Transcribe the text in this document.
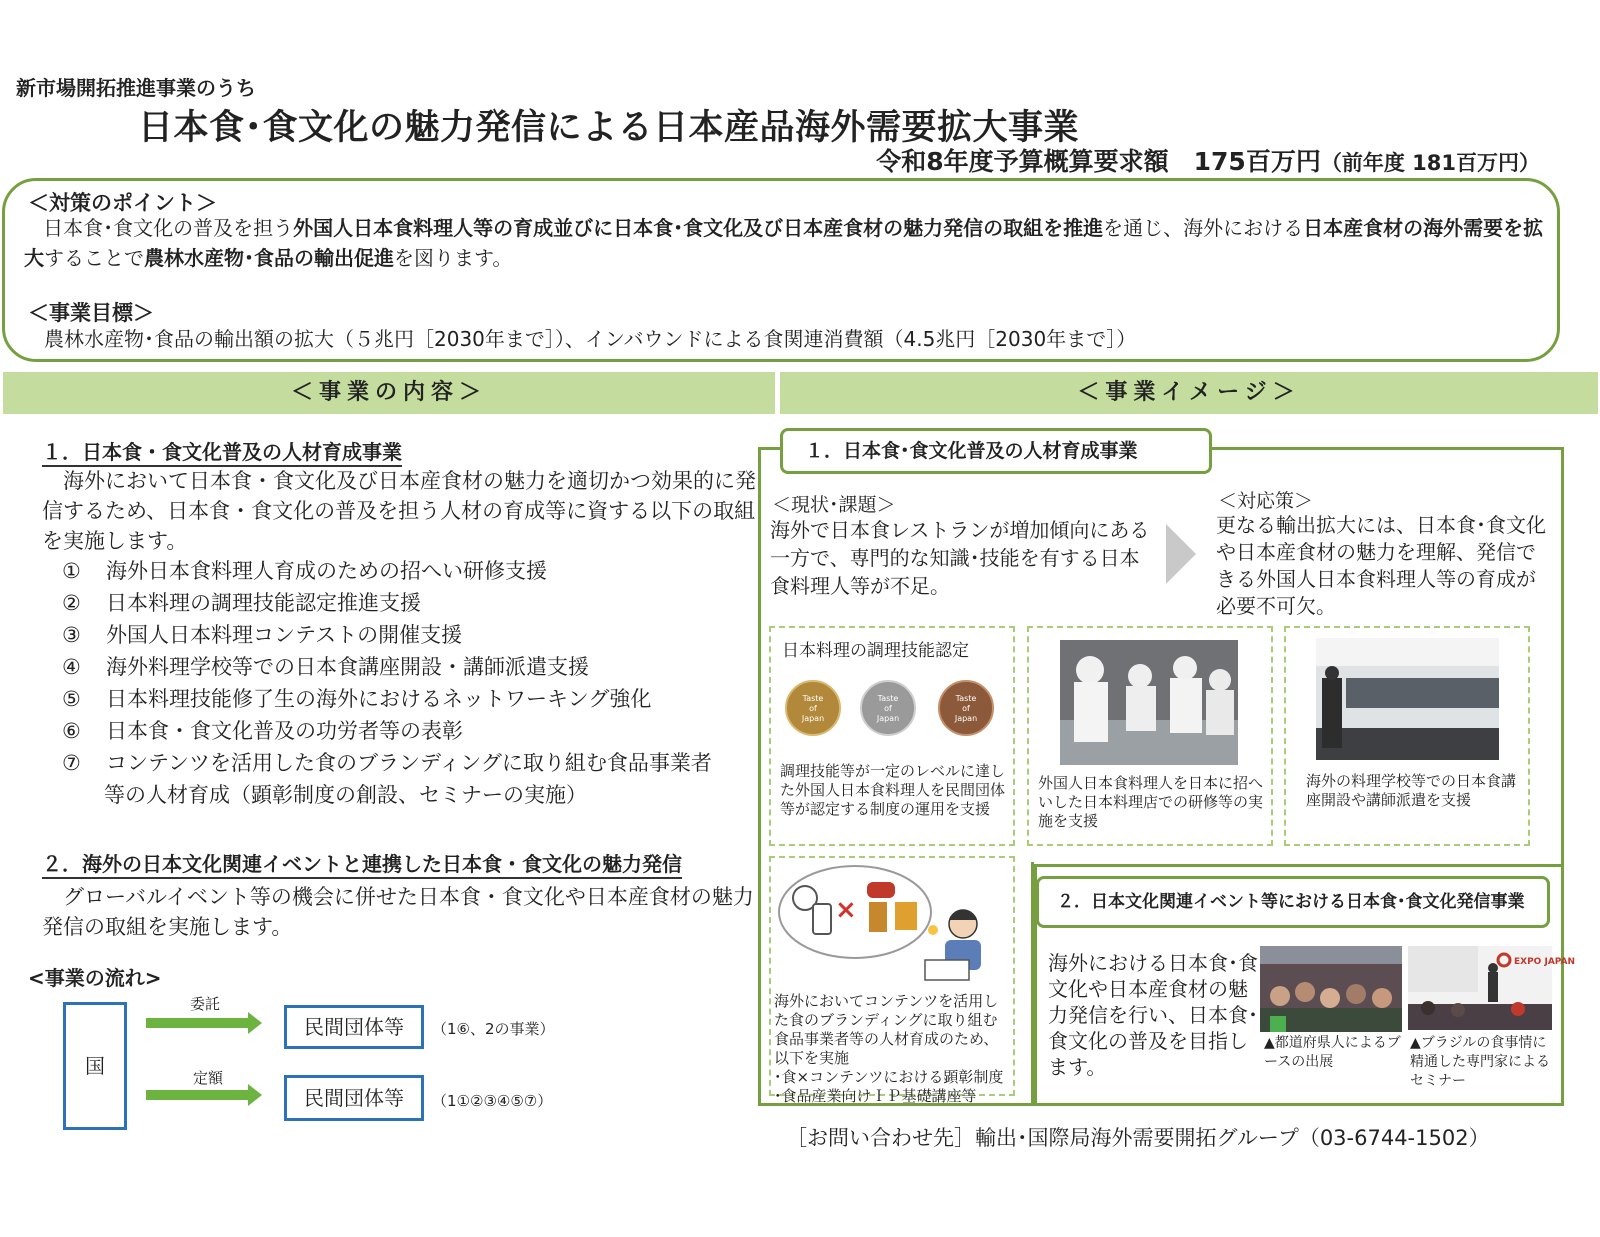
新市場開拓推進事業のうち
日本食･食文化の魅力発信による日本産品海外需要拡大事業
令和8年度予算概算要求額　175百万円（前年度 181百万円）
＜対策のポイント＞
日本食･食文化の普及を担う外国人日本食料理人等の育成並びに日本食･食文化及び日本産食材の魅力発信の取組を推進を通じ、海外における日本産食材の海外需要を拡大することで農林水産物･食品の輸出促進を図ります。
＜事業目標＞
農林水産物･食品の輸出額の拡大（５兆円［2030年まで］）、インバウンドによる食関連消費額（4.5兆円［2030年まで］）
＜事業の内容＞	＜事業イメージ＞
１．日本食・食文化普及の人材育成事業
海外において日本食・食文化及び日本産食材の魅力を適切かつ効果的に発信するため、日本食・食文化の普及を担う人材の育成等に資する以下の取組を実施します。
① 海外日本食料理人育成のための招へい研修支援
② 日本料理の調理技能認定推進支援
③ 外国人日本料理コンテストの開催支援
④ 海外料理学校等での日本食講座開設・講師派遣支援
⑤ 日本料理技能修了生の海外におけるネットワーキング強化
⑥ 日本食・食文化普及の功労者等の表彰
⑦ コンテンツを活用した食のブランディングに取り組む食品事業者
等の人材育成（顕彰制度の創設、セミナーの実施）
２．海外の日本文化関連イベントと連携した日本食・食文化の魅力発信
グローバルイベント等の機会に併せた日本食・食文化や日本産食材の魅力発信の取組を実施します。
<事業の流れ>
国
委託
定額
民間団体等
民間団体等
（1⑥、2の事業）
（1①②③④⑤⑦）
１．日本食･食文化普及の人材育成事業
＜現状･課題＞
海外で日本食レストランが増加傾向にある一方で、専門的な知識･技能を有する日本食料理人等が不足。
＜対応策＞
更なる輸出拡大には、日本食･食文化や日本産食材の魅力を理解、発信できる外国人日本食料理人等の育成が必要不可欠。
日本料理の調理技能認定
Taste
of
Japan
Taste
of
Japan
Taste
of
Japan
調理技能等が一定のレベルに達した外国人日本食料理人を民間団体等が認定する制度の運用を支援
外国人日本食料理人を日本に招へいした日本料理店での研修等の実施を支援
海外の料理学校等での日本食講座開設や講師派遣を支援
×
海外においてコンテンツを活用した食のブランディングに取り組む食品事業者等の人材育成のため、以下を実施
･食×コンテンツにおける顕彰制度
･食品産業向けＩＰ基礎講座等
２．日本文化関連イベント等における日本食･食文化発信事業
海外における日本食･食文化や日本産食材の魅力発信を行い、日本食･食文化の普及を目指します。
▲都道府県人によるブースの出展
EXPO JAPAN
▲ブラジルの食事情に精通した専門家によるセミナー
［お問い合わせ先］輸出･国際局海外需要開拓グループ（03-6744-1502）
